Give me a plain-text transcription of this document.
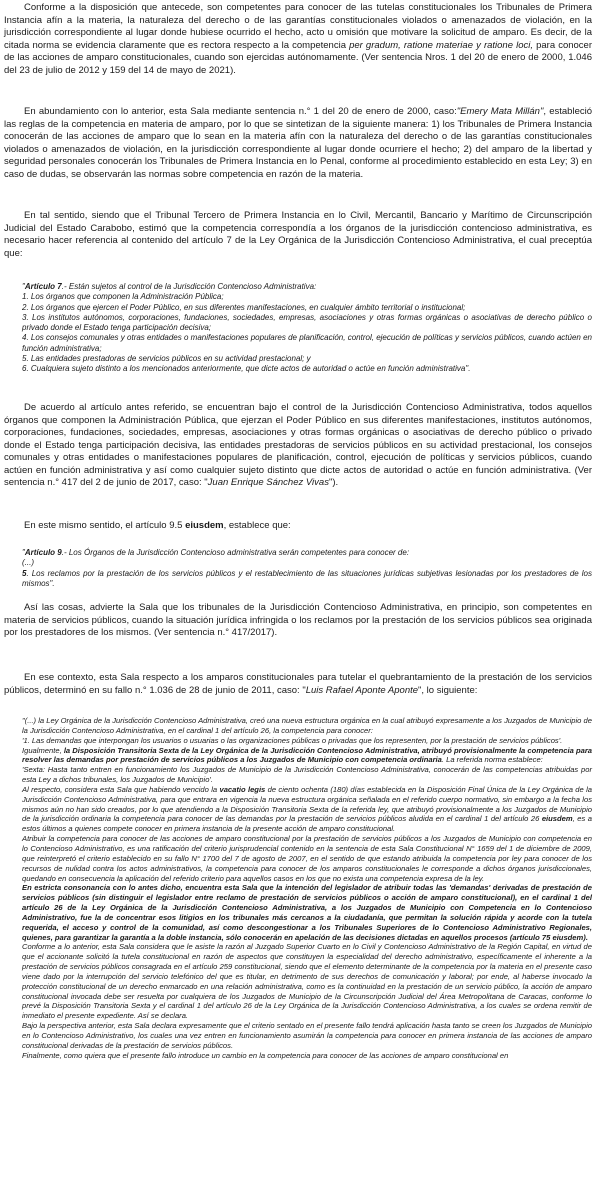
Conforme a la disposición que antecede, son competentes para conocer de las tutelas constitucionales los Tribunales de Primera Instancia afín a la materia, la naturaleza del derecho o de las garantías constitucionales violados o amenazados de violación, en la jurisdicción correspondiente al lugar donde hubiese ocurrido el hecho, acto u omisión que motivare la solicitud de amparo. Es decir, de la citada norma se evidencia claramente que es rectora respecto a la competencia per gradum, ratione materiae y ratione loci, para conocer de las acciones de amparo constitucionales, cuando son ejercidas autónomamente. (Ver sentencia Nros. 1 del 20 de enero de 2000, 1.046 del 23 de julio de 2012 y 159 del 14 de mayo de 2021).

En abundamiento con lo anterior, esta Sala mediante sentencia n.° 1 del 20 de enero de 2000, caso:"Emery Mata Millán", estableció las reglas de la competencia en materia de amparo, por lo que se sintetizan de la siguiente manera: 1) los Tribunales de Primera Instancia conocerán de las acciones de amparo que lo sean en la materia afín con la naturaleza del derecho o de las garantías constitucionales violados o amenazados de violación, en la jurisdicción correspondiente al lugar donde ocurriere el hecho; 2) del amparo de la libertad y seguridad personales conocerán los Tribunales de Primera Instancia en lo Penal, conforme al procedimiento establecido en esta Ley; 3) en caso de dudas, se observarán las normas sobre competencia en razón de la materia.

En tal sentido, siendo que el Tribunal Tercero de Primera Instancia en lo Civil, Mercantil, Bancario y Marítimo de Circunscripción Judicial del Estado Carabobo, estimó que la competencia correspondía a los órganos de la jurisdicción contencioso administrativa, es necesario hacer referencia al contenido del artículo 7 de la Ley Orgánica de la Jurisdicción Contencioso Administrativa, el cual preceptúa que:

"Artículo 7.- Están sujetos al control de la Jurisdicción Contencioso Administrativa:
1. Los órganos que componen la Administración Pública;
2. Los órganos que ejercen el Poder Público, en sus diferentes manifestaciones, en cualquier ámbito territorial o institucional;
3. Los institutos autónomos, corporaciones, fundaciones, sociedades, empresas, asociaciones y otras formas orgánicas o asociativas de derecho público o privado donde el Estado tenga participación decisiva;
4. Los consejos comunales y otras entidades o manifestaciones populares de planificación, control, ejecución de políticas y servicios públicos, cuando actúen en función administrativa;
5. Las entidades prestadoras de servicios públicos en su actividad prestacional; y
6. Cualquiera sujeto distinto a los mencionados anteriormente, que dicte actos de autoridad o actúe en función administrativa".

De acuerdo al artículo antes referido, se encuentran bajo el control de la Jurisdicción Contencioso Administrativa, todos aquellos órganos que componen la Administración Pública, que ejerzan el Poder Público en sus diferentes manifestaciones, institutos autónomos, corporaciones, fundaciones, sociedades, empresas, asociaciones y otras formas orgánicas o asociativas de derecho público o privado donde el Estado tenga participación decisiva, las entidades prestadoras de servicios públicos en su actividad prestacional, los consejos comunales y otras entidades o manifestaciones populares de planificación, control, ejecución de políticas y servicios públicos, cuando actúen en función administrativa y así como cualquier sujeto distinto que dicte actos de autoridad o actúe en función administrativa. (Ver sentencia n.° 417 del 2 de junio de 2017, caso: "Juan Enrique Sánchez Vivas").

En este mismo sentido, el artículo 9.5 eiusdem, establece que:

"Artículo 9.- Los Órganos de la Jurisdicción Contencioso administrativa serán competentes para conocer de:
(...)
5. Los reclamos por la prestación de los servicios públicos y el restablecimiento de las situaciones jurídicas subjetivas lesionadas por los prestadores de los mismos".

Así las cosas, advierte la Sala que los tribunales de la Jurisdicción Contencioso Administrativa, en principio, son competentes en materia de servicios públicos, cuando la situación jurídica infringida o los reclamos por la prestación de los servicios públicos sea originada por los prestadores de los mismos. (Ver sentencia n.° 417/2017).

En ese contexto, esta Sala respecto a los amparos constitucionales para tutelar el quebrantamiento de la prestación de los servicios públicos, determinó en su fallo n.° 1.036 de 28 de junio de 2011, caso: "Luis Rafael Aponte Aponte", lo siguiente:

"(...) la Ley Orgánica de la Jurisdicción Contencioso Administrativa, creó una nueva estructura orgánica en la cual atribuyó expresamente a los Juzgados de Municipio de la Jurisdicción Contencioso Administrativa, en el cardinal 1 del artículo 26, la competencia para conocer:
'1. Las demandas que interpongan los usuarios o usuarias o las organizaciones públicas o privadas que los representen, por la prestación de servicios públicos'.
Igualmente, la Disposición Transitoria Sexta de la Ley Orgánica de la Jurisdicción Contencioso Administrativa, atribuyó provisionalmente la competencia para resolver las demandas por prestación de servicios públicos a los Juzgados de Municipio con competencia ordinaria. La referida norma establece:
'Sexta: Hasta tanto entren en funcionamiento los Juzgados de Municipio de la Jurisdicción Contencioso Administrativa, conocerán de las competencias atribuidas por esta Ley a dichos tribunales, los Juzgados de Municipio'.
Al respecto, considera esta Sala que habiendo vencido la vacatio legis de ciento ochenta (180) días establecida en la Disposición Final Única de la Ley Orgánica de la Jurisdicción Contencioso Administrativa, para que entrara en vigencia la nueva estructura orgánica señalada en el referido cuerpo normativo, sin embargo a la fecha los mismos aún no han sido creados, por lo que atendiendo a la Disposición Transitoria Sexta de la referida ley, que atribuyó provisionalmente a los Juzgados de Municipio de la jurisdicción ordinaria la competencia para conocer de las demandas por la prestación de servicios públicos aludida en el cardinal 1 del artículo 26 eiusdem, es a estos últimos a quienes compete conocer en primera instancia de la presente acción de amparo constitucional.
Atribuir la competencia para conocer de las acciones de amparo constitucional por la prestación de servicios públicos a los Juzgados de Municipio con competencia en lo Contencioso Administrativo, es una ratificación del criterio jurisprudencial contenido en la sentencia de esta Sala Constitucional N° 1659 del 1 de diciembre de 2009, que reinterpretó el criterio establecido en su fallo N° 1700 del 7 de agosto de 2007, en el sentido de que estando atribuida la competencia por ley para conocer de los recursos de nulidad contra los actos administrativos, la competencia para conocer de los amparos constitucionales le corresponde a dichos órganos jurisdiccionales, quedando en consecuencia la aplicación del referido criterio para aquellos casos en los que no exista una competencia expresa de la ley.
En estricta consonancia con lo antes dicho, encuentra esta Sala que la intención del legislador de atribuir todas las 'demandas' derivadas de prestación de servicios públicos (sin distinguir el legislador entre reclamo de prestación de servicios públicos o acción de amparo constitucional), en el cardinal 1 del artículo 26 de la Ley Orgánica de la Jurisdicción Contencioso Administrativa, a los Juzgados de Municipio con Competencia en lo Contencioso Administrativo, fue la de concentrar esos litigios en los tribunales más cercanos a la ciudadanía, que permitan la solución rápida y acorde con la tutela requerida, el acceso y control de la comunidad, así como descongestionar a los Tribunales Superiores de lo Contencioso Administrativo Regionales, quienes, para garantizar la garantía a la doble instancia, sólo conocerán en apelación de las decisiones dictadas en aquellos procesos (artículo 75 eiusdem).
Conforme a lo anterior, esta Sala considera que le asiste la razón al Juzgado Superior Cuarto en lo Civil y Contencioso Administrativo de la Región Capital, en virtud de que el accionante solicitó la tutela constitucional en razón de aspectos que constituyen la especialidad del derecho administrativo, específicamente el inherente a la prestación de servicios públicos consagrada en el artículo 259 constitucional, siendo que el elemento determinante de la competencia por la materia en el presente caso viene dado por la interrupción del servicio telefónico del que es titular, en detrimento de sus derechos de comunicación y laboral; por ende, al haberse invocado la protección constitucional de un derecho enmarcado en una relación administrativa, como es la continuidad en la prestación de un servicio público, la acción de amparo constitucional invocada debe ser resuelta por cualquiera de los Juzgados de Municipio de la Circunscripción Judicial del Área Metropolitana de Caracas, conforme lo prevé la Disposición Transitoria Sexta y el cardinal 1 del artículo 26 de la Ley Orgánica de la Jurisdicción Contencioso Administrativa, a los cuales se ordena remitir de inmediato el presente expediente. Así se declara.
Bajo la perspectiva anterior, esta Sala declara expresamente que el criterio sentado en el presente fallo tendrá aplicación hasta tanto se creen los Juzgados de Municipio en lo Contencioso Administrativo, los cuales una vez entren en funcionamiento asumirán la competencia para conocer en primera instancia de las acciones de amparo constitucional derivadas de la prestación de servicios públicos.
Finalmente, como quiera que el presente fallo introduce un cambio en la competencia para conocer de las acciones de amparo constitucional en
